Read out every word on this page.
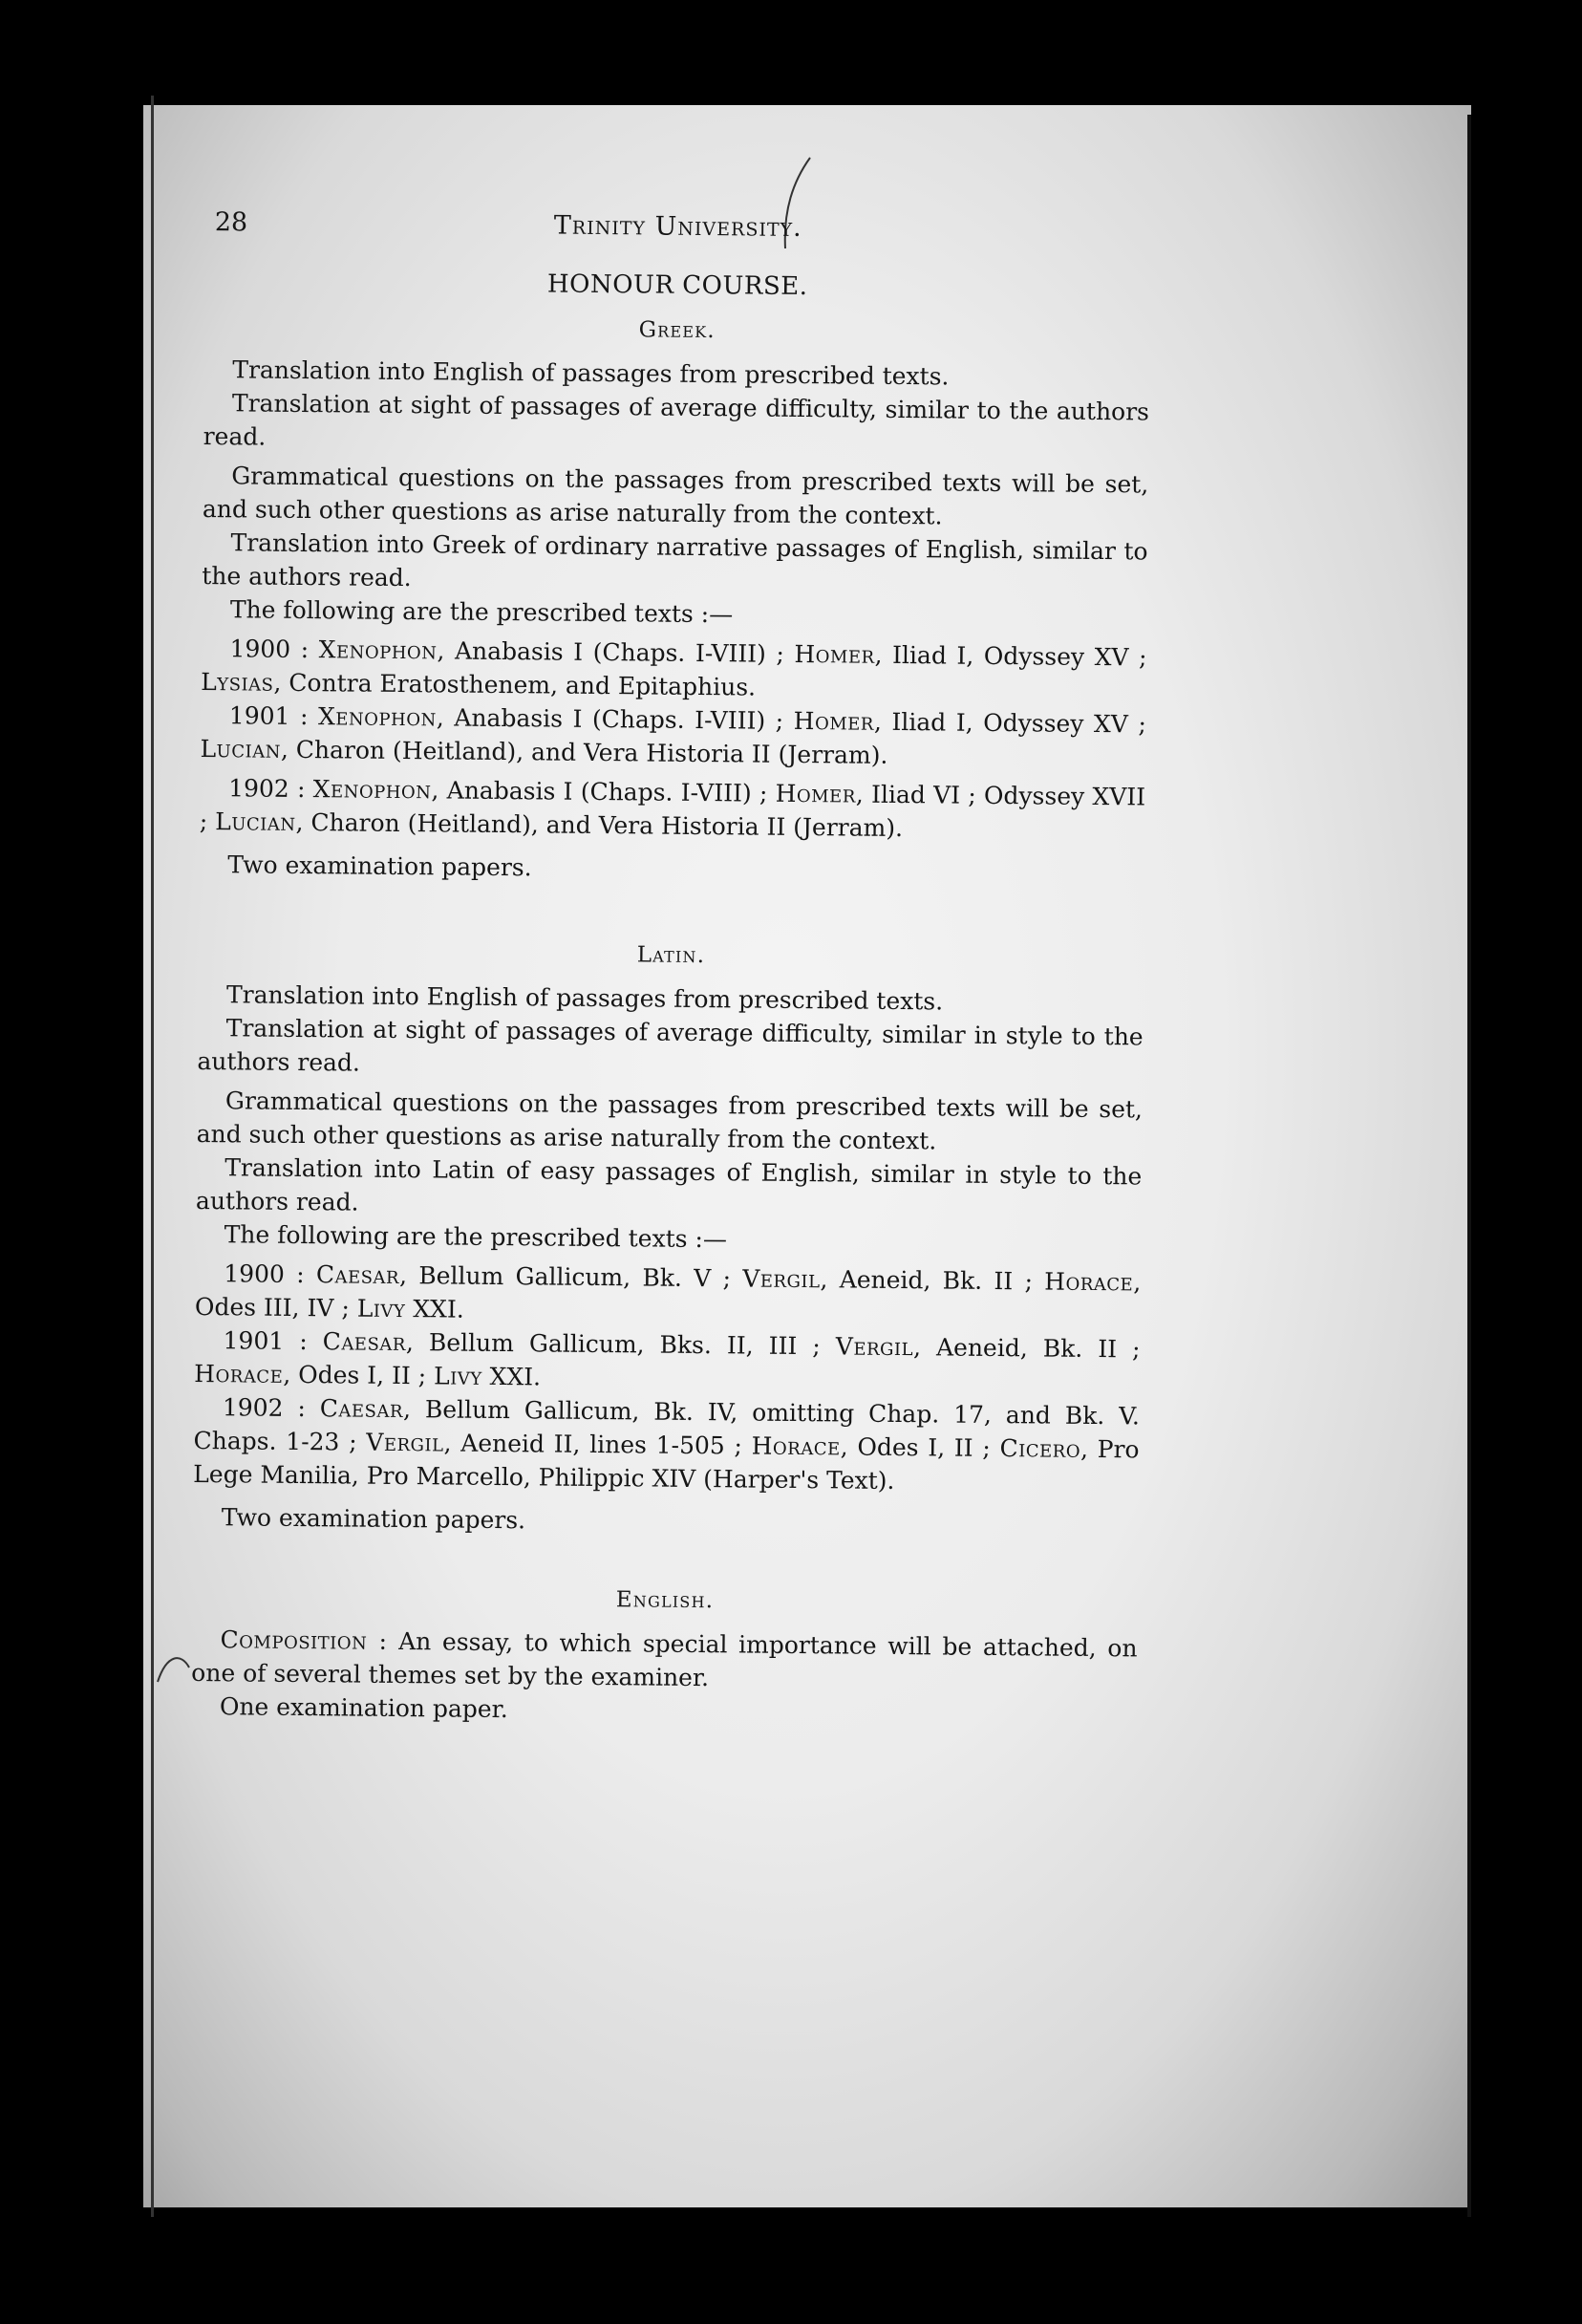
28	Trinity University.
HONOUR COURSE.
Greek.

Translation into English of passages from prescribed texts.

Translation at sight of passages of average difficulty, similar to the authors read.

Grammatical questions on the passages from prescribed texts will be set, and such other questions as arise naturally from the context.

Translation into Greek of ordinary narrative passages of English, similar to the authors read.

The following are the prescribed texts :—

1900 : Xenophon, Anabasis I (Chaps. I-VIII) ; Homer, Iliad I, Odyssey XV ; Lysias, Contra Eratosthenem, and Epitaphius.

1901 : Xenophon, Anabasis I (Chaps. I-VIII) ; Homer, Iliad I, Odyssey XV ; Lucian, Charon (Heitland), and Vera Historia II (Jerram).

1902 : Xenophon, Anabasis I (Chaps. I-VIII) ; Homer, Iliad VI ; Odyssey XVII ; Lucian, Charon (Heitland), and Vera Historia II (Jerram).

Two examination papers.

Latin.

Translation into English of passages from prescribed texts.

Translation at sight of passages of average difficulty, similar in style to the authors read.

Grammatical questions on the passages from prescribed texts will be set, and such other questions as arise naturally from the context.

Translation into Latin of easy passages of English, similar in style to the authors read.

The following are the prescribed texts :—

1900 : Caesar, Bellum Gallicum, Bk. V ; Vergil, Aeneid, Bk. II ; Horace, Odes III, IV ; Livy XXI.

1901 : Caesar, Bellum Gallicum, Bks. II, III ; Vergil, Aeneid, Bk. II ; Horace, Odes I, II ; Livy XXI.

1902 : Caesar, Bellum Gallicum, Bk. IV, omitting Chap. 17, and Bk. V. Chaps. 1-23 ; Vergil, Aeneid II, lines 1-505 ; Horace, Odes I, II ; Cicero, Pro Lege Manilia, Pro Marcello, Philippic XIV (Harper's Text).

Two examination papers.

English.

Composition : An essay, to which special importance will be attached, on one of several themes set by the examiner.

One examination paper.
